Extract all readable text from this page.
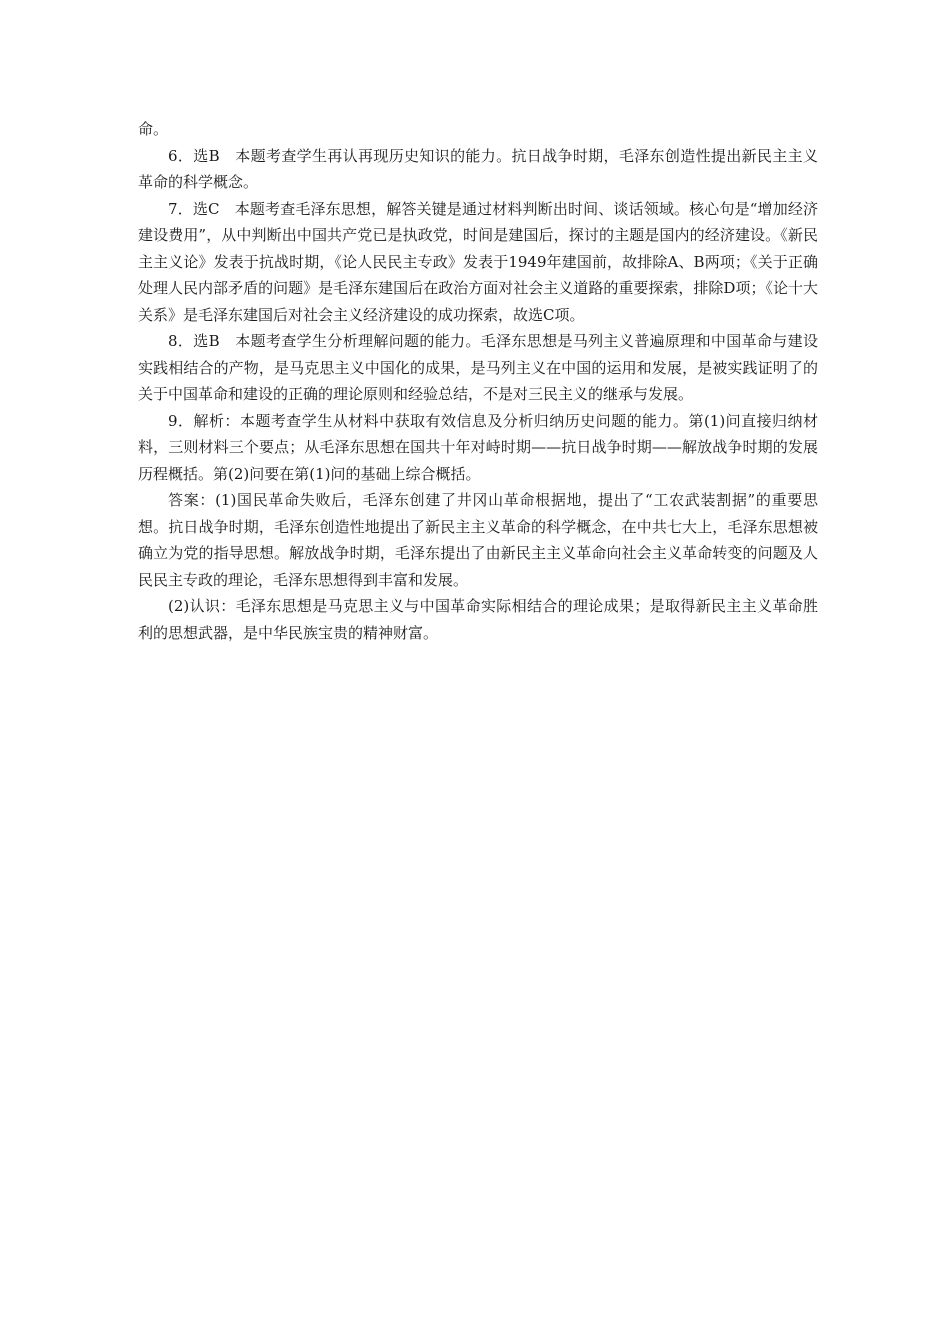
命。

6．选B　本题考查学生再认再现历史知识的能力。抗日战争时期，毛泽东创造性提出新民主主义革命的科学概念。

7．选C　本题考查毛泽东思想，解答关键是通过材料判断出时间、谈话领域。核心句是“增加经济建设费用”，从中判断出中国共产党已是执政党，时间是建国后，探讨的主题是国内的经济建设。《新民主主义论》发表于抗战时期，《论人民民主专政》发表于1949年建国前，故排除A、B两项；《关于正确处理人民内部矛盾的问题》是毛泽东建国后在政治方面对社会主义道路的重要探索，排除D项；《论十大关系》是毛泽东建国后对社会主义经济建设的成功探索，故选C项。

8．选B　本题考查学生分析理解问题的能力。毛泽东思想是马列主义普遍原理和中国革命与建设实践相结合的产物，是马克思主义中国化的成果，是马列主义在中国的运用和发展，是被实践证明了的关于中国革命和建设的正确的理论原则和经验总结，不是对三民主义的继承与发展。

9．解析：本题考查学生从材料中获取有效信息及分析归纳历史问题的能力。第(1)问直接归纳材料，三则材料三个要点；从毛泽东思想在国共十年对峙时期——抗日战争时期——解放战争时期的发展历程概括。第(2)问要在第(1)问的基础上综合概括。

答案：(1)国民革命失败后，毛泽东创建了井冈山革命根据地，提出了“工农武装割据”的重要思想。抗日战争时期，毛泽东创造性地提出了新民主主义革命的科学概念，在中共七大上，毛泽东思想被确立为党的指导思想。解放战争时期，毛泽东提出了由新民主主义革命向社会主义革命转变的问题及人民民主专政的理论，毛泽东思想得到丰富和发展。

(2)认识：毛泽东思想是马克思主义与中国革命实际相结合的理论成果；是取得新民主主义革命胜利的思想武器，是中华民族宝贵的精神财富。
